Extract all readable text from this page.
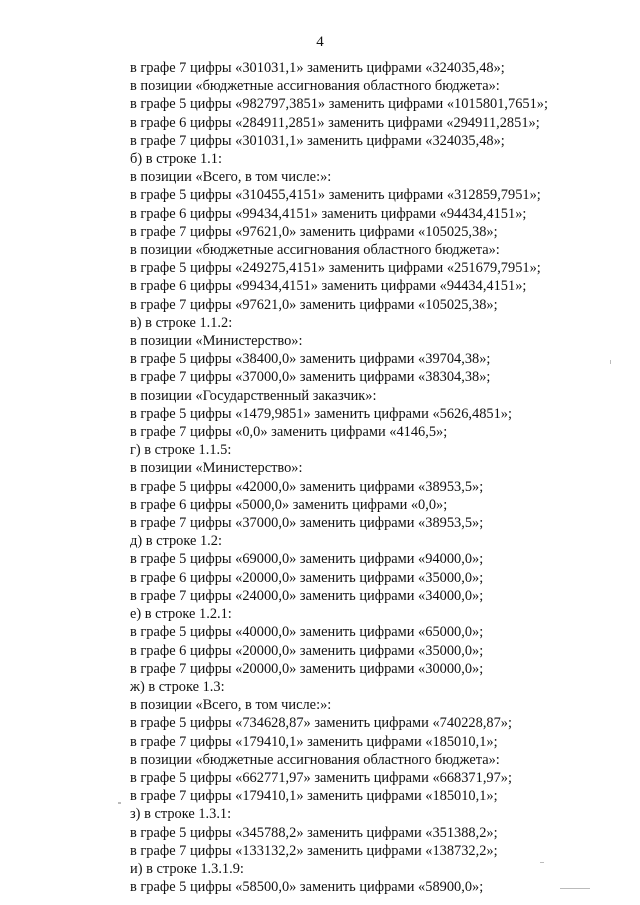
4
в графе 7 цифры «301031,1» заменить цифрами «324035,48»;
в позиции «бюджетные ассигнования областного бюджета»:
в графе 5 цифры «982797,3851» заменить цифрами «1015801,7651»;
в графе 6 цифры «284911,2851» заменить цифрами «294911,2851»;
в графе 7 цифры «301031,1» заменить цифрами «324035,48»;
б) в строке 1.1:
в позиции «Всего, в том числе:»:
в графе 5 цифры «310455,4151» заменить цифрами «312859,7951»;
в графе 6 цифры «99434,4151» заменить цифрами «94434,4151»;
в графе 7 цифры «97621,0» заменить цифрами «105025,38»;
в позиции «бюджетные ассигнования областного бюджета»:
в графе 5 цифры «249275,4151» заменить цифрами «251679,7951»;
в графе 6 цифры «99434,4151» заменить цифрами «94434,4151»;
в графе 7 цифры «97621,0» заменить цифрами «105025,38»;
в) в строке 1.1.2:
в позиции «Министерство»:
в графе 5 цифры «38400,0» заменить цифрами «39704,38»;
в графе 7 цифры «37000,0» заменить цифрами «38304,38»;
в позиции «Государственный заказчик»:
в графе 5 цифры «1479,9851» заменить цифрами «5626,4851»;
в графе 7 цифры «0,0» заменить цифрами «4146,5»;
г) в строке 1.1.5:
в позиции «Министерство»:
в графе 5 цифры «42000,0» заменить цифрами «38953,5»;
в графе 6 цифры «5000,0» заменить цифрами «0,0»;
в графе 7 цифры «37000,0» заменить цифрами «38953,5»;
д) в строке 1.2:
в графе 5 цифры «69000,0» заменить цифрами «94000,0»;
в графе 6 цифры «20000,0» заменить цифрами «35000,0»;
в графе 7 цифры «24000,0» заменить цифрами «34000,0»;
е) в строке 1.2.1:
в графе 5 цифры «40000,0» заменить цифрами «65000,0»;
в графе 6 цифры «20000,0» заменить цифрами «35000,0»;
в графе 7 цифры «20000,0» заменить цифрами «30000,0»;
ж) в строке 1.3:
в позиции «Всего, в том числе:»:
в графе 5 цифры «734628,87» заменить цифрами «740228,87»;
в графе 7 цифры «179410,1» заменить цифрами «185010,1»;
в позиции «бюджетные ассигнования областного бюджета»:
в графе 5 цифры «662771,97» заменить цифрами «668371,97»;
в графе 7 цифры «179410,1» заменить цифрами «185010,1»;
з) в строке 1.3.1:
в графе 5 цифры «345788,2» заменить цифрами «351388,2»;
в графе 7 цифры «133132,2» заменить цифрами «138732,2»;
и) в строке 1.3.1.9:
в графе 5 цифры «58500,0» заменить цифрами «58900,0»;
